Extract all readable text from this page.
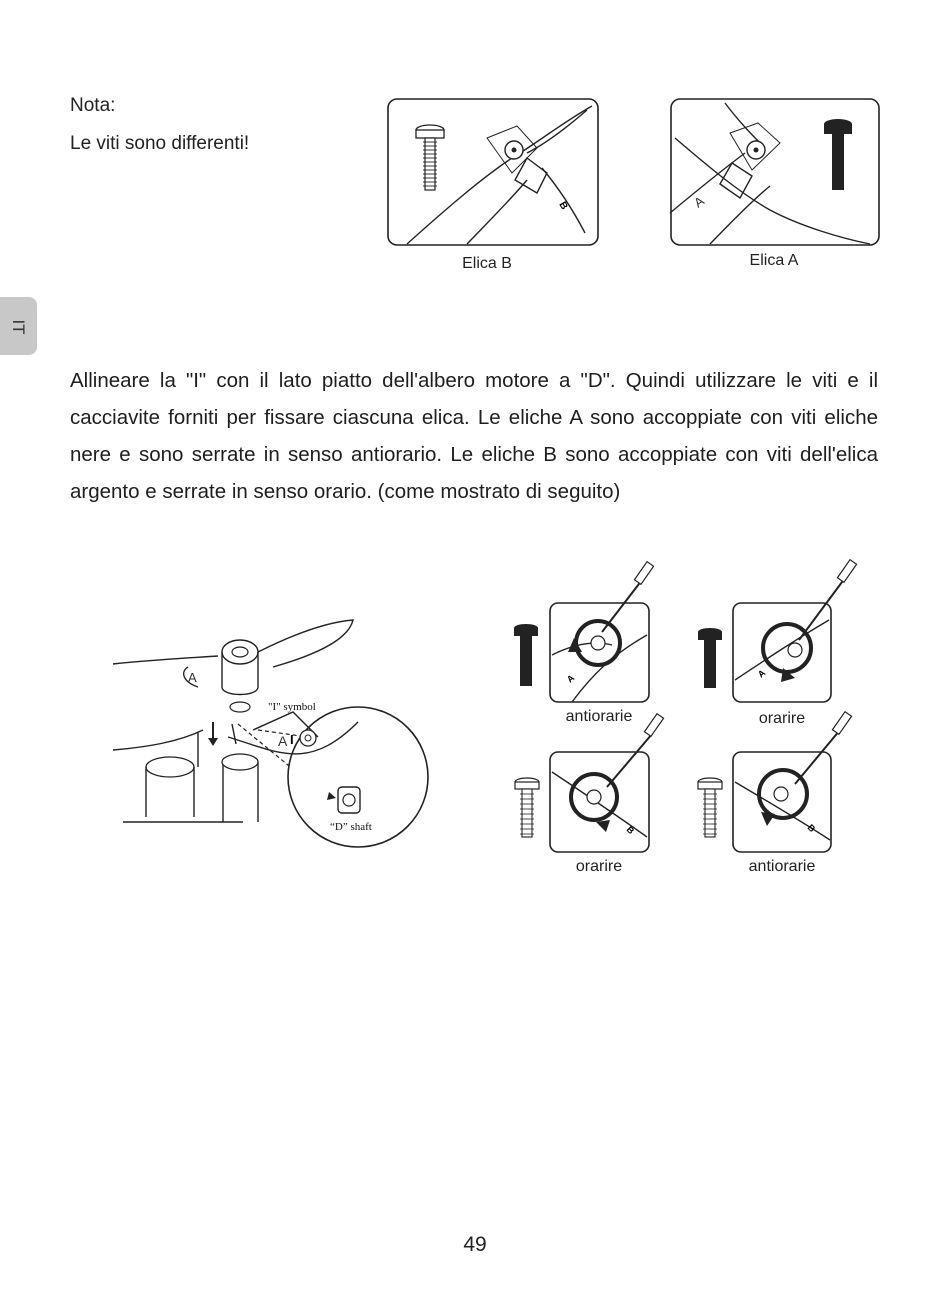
Nota:
Le viti sono differenti!
IT
B
Elica B
A
Elica A
Allineare la "I" con il lato piatto dell'albero motore a "D". Quindi utilizzare le viti e il cacciavite forniti per fissare ciascuna elica. Le eliche A sono accoppiate con viti eliche nere e sono serrate in senso antiorario. Le eliche B sono accoppiate con viti dell'elica argento e serrate in senso orario. (come mostrato di seguito)
A
"I" symbol
A I
“D” shaft
A
antiorarie
A
orarire
B
orarire
B
antiorarie
49
